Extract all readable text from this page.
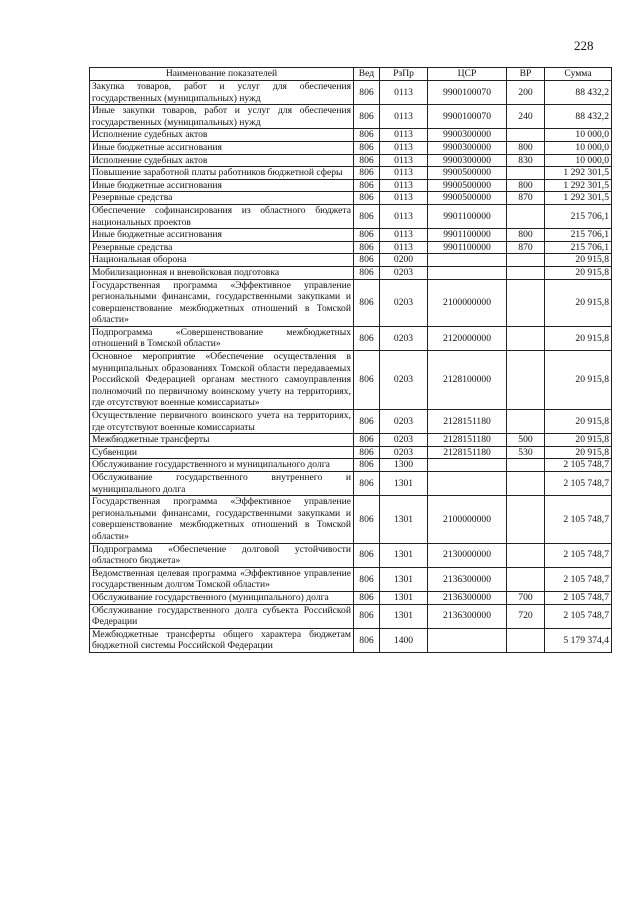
228
Наименование показателей	Вед	РзПр	ЦСР	ВР	Сумма
Закупка товаров, работ и услуг для обеспечения государственных (муниципальных) нужд	806	0113	9900100070	200	88 432,2
Иные закупки товаров, работ и услуг для обеспечения государственных (муниципальных) нужд	806	0113	9900100070	240	88 432,2
Исполнение судебных актов	806	0113	9900300000		10 000,0
Иные бюджетные ассигнования	806	0113	9900300000	800	10 000,0
Исполнение судебных актов	806	0113	9900300000	830	10 000,0
Повышение заработной платы работников бюджетной сферы	806	0113	9900500000		1 292 301,5
Иные бюджетные ассигнования	806	0113	9900500000	800	1 292 301,5
Резервные средства	806	0113	9900500000	870	1 292 301,5
Обеспечение софинансирования из областного бюджета национальных проектов	806	0113	9901100000		215 706,1
Иные бюджетные ассигнования	806	0113	9901100000	800	215 706,1
Резервные средства	806	0113	9901100000	870	215 706,1
Национальная оборона	806	0200			20 915,8
Мобилизационная и вневойсковая подготовка	806	0203			20 915,8
Государственная программа «Эффективное управление региональными финансами, государственными закупками и совершенствование межбюджетных отношений в Томской области»	806	0203	2100000000		20 915,8
Подпрограмма «Совершенствование межбюджетных отношений в Томской области»	806	0203	2120000000		20 915,8
Основное мероприятие «Обеспечение осуществления в муниципальных образованиях Томской области передаваемых Российской Федерацией органам местного самоуправления полномочий по первичному воинскому учету на территориях, где отсутствуют военные комиссариаты»	806	0203	2128100000		20 915,8
Осуществление первичного воинского учета на территориях, где отсутствуют военные комиссариаты	806	0203	2128151180		20 915,8
Межбюджетные трансферты	806	0203	2128151180	500	20 915,8
Субвенции	806	0203	2128151180	530	20 915,8
Обслуживание государственного и муниципального долга	806	1300			2 105 748,7
Обслуживание государственного внутреннего и муниципального долга	806	1301			2 105 748,7
Государственная программа «Эффективное управление региональными финансами, государственными закупками и совершенствование межбюджетных отношений в Томской области»	806	1301	2100000000		2 105 748,7
Подпрограмма «Обеспечение долговой устойчивости областного бюджета»	806	1301	2130000000		2 105 748,7
Ведомственная целевая программа «Эффективное управление государственным долгом Томской области»	806	1301	2136300000		2 105 748,7
Обслуживание государственного (муниципального) долга	806	1301	2136300000	700	2 105 748,7
Обслуживание государственного долга субъекта Российской Федерации	806	1301	2136300000	720	2 105 748,7
Межбюджетные трансферты общего характера бюджетам бюджетной системы Российской Федерации	806	1400			5 179 374,4
